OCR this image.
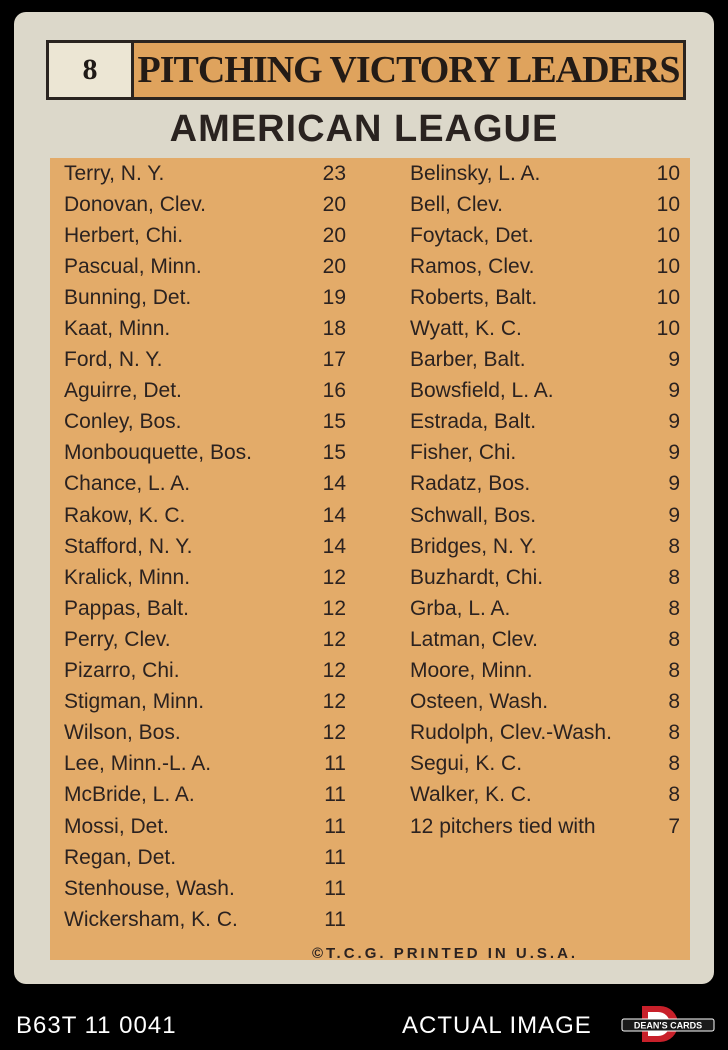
8	PITCHING VICTORY LEADERS
AMERICAN LEAGUE
Terry, N. Y.	23
Donovan, Clev.	20
Herbert, Chi.	20
Pascual, Minn.	20
Bunning, Det.	19
Kaat, Minn.	18
Ford, N. Y.	17
Aguirre, Det.	16
Conley, Bos.	15
Monbouquette, Bos.	15
Chance, L. A.	14
Rakow, K. C.	14
Stafford, N. Y.	14
Kralick, Minn.	12
Pappas, Balt.	12
Perry, Clev.	12
Pizarro, Chi.	12
Stigman, Minn.	12
Wilson, Bos.	12
Lee, Minn.-L. A.	11
McBride, L. A.	11
Mossi, Det.	11
Regan, Det.	11
Stenhouse, Wash.	11
Wickersham, K. C.	11
Belinsky, L. A.	10
Bell, Clev.	10
Foytack, Det.	10
Ramos, Clev.	10
Roberts, Balt.	10
Wyatt, K. C.	10
Barber, Balt.	9
Bowsfield, L. A.	9
Estrada, Balt.	9
Fisher, Chi.	9
Radatz, Bos.	9
Schwall, Bos.	9
Bridges, N. Y.	8
Buzhardt, Chi.	8
Grba, L. A.	8
Latman, Clev.	8
Moore, Minn.	8
Osteen, Wash.	8
Rudolph, Clev.-Wash.	8
Segui, K. C.	8
Walker, K. C.	8
12 pitchers tied with	7
©T.C.G. PRINTED IN U.S.A.
B63T 11 0041	ACTUAL IMAGE	DEAN'S CARDS
